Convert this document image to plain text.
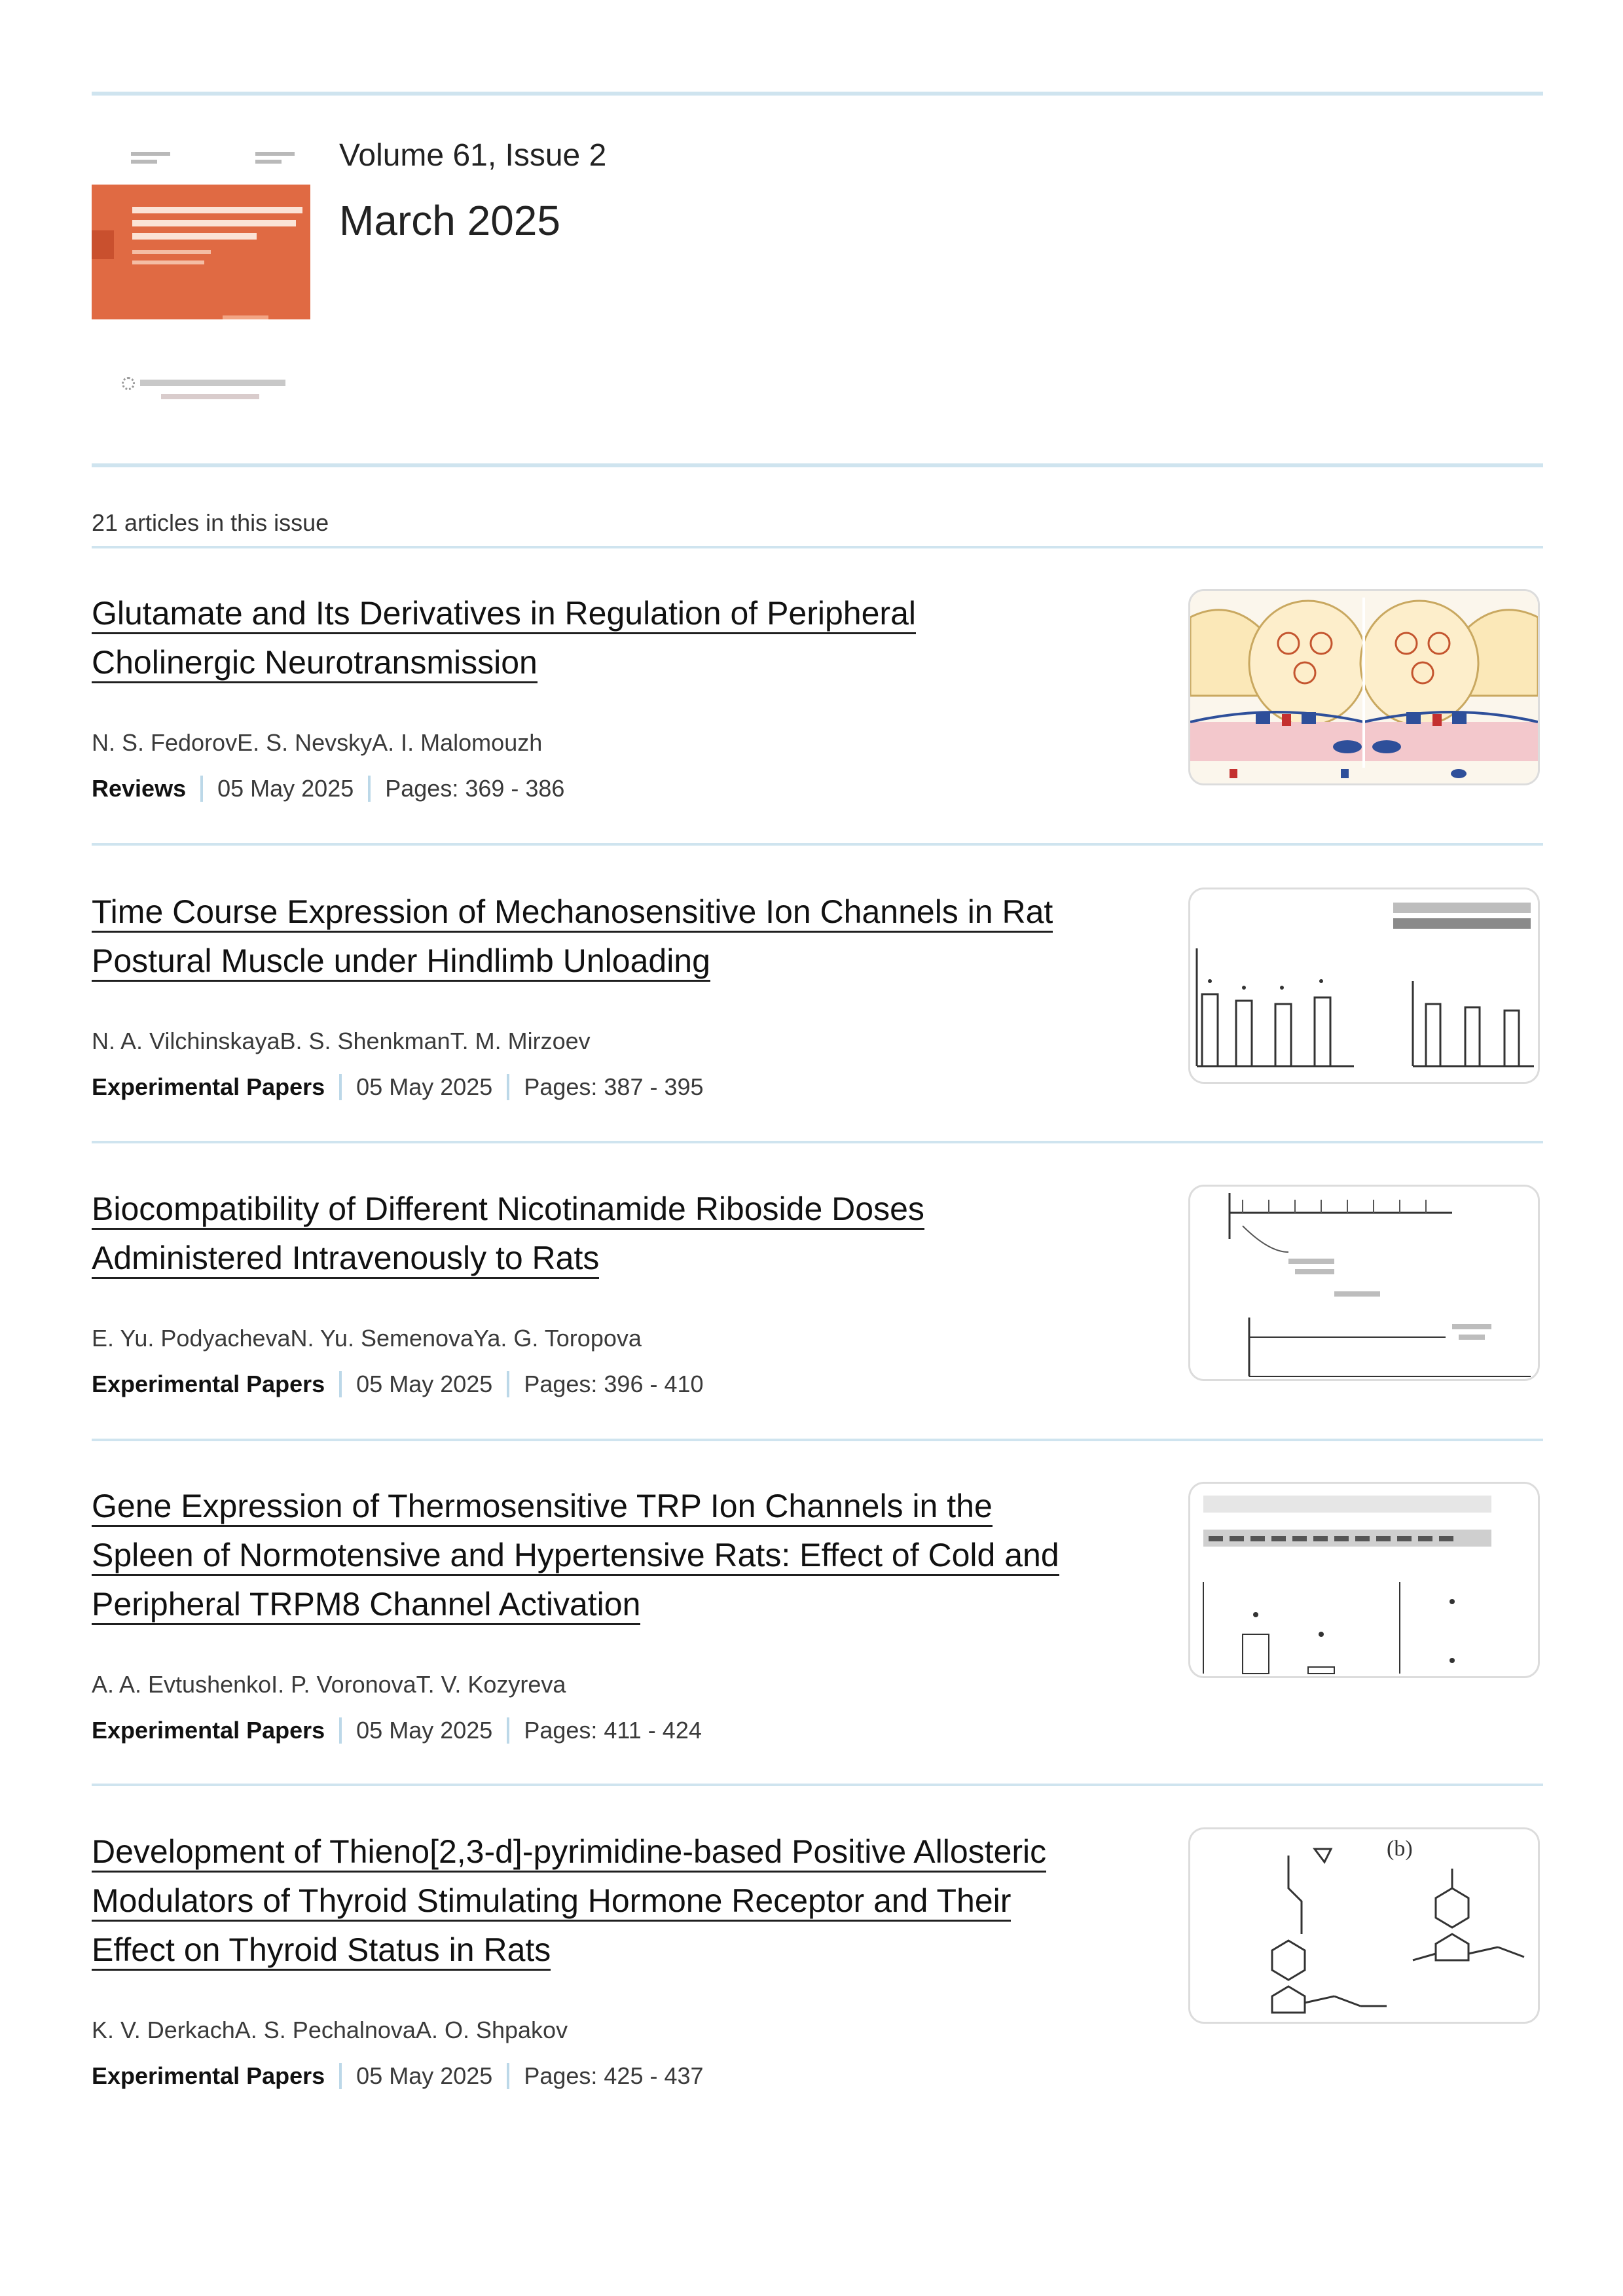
Volume 61, Issue 2
March 2025
21 articles in this issue
Glutamate and Its Derivatives in Regulation of Peripheral
Cholinergic Neurotransmission
N. S. FedorovE. S. NevskyA. I. Malomouzh
Reviews 05 May 2025 Pages: 369 - 386
Time Course Expression of Mechanosensitive Ion Channels in Rat
Postural Muscle under Hindlimb Unloading
N. A. VilchinskayaB. S. ShenkmanT. M. Mirzoev
Experimental Papers 05 May 2025 Pages: 387 - 395
Biocompatibility of Different Nicotinamide Riboside Doses
Administered Intravenously to Rats
E. Yu. PodyachevaN. Yu. SemenovaYa. G. Toropova
Experimental Papers 05 May 2025 Pages: 396 - 410
Gene Expression of Thermosensitive TRP Ion Channels in the
Spleen of Normotensive and Hypertensive Rats: Effect of Cold and
Peripheral TRPM8 Channel Activation
A. A. EvtushenkoI. P. VoronovaT. V. Kozyreva
Experimental Papers 05 May 2025 Pages: 411 - 424
Development of Thieno[2,3-d]-pyrimidine-based Positive Allosteric
Modulators of Thyroid Stimulating Hormone Receptor and Their
Effect on Thyroid Status in Rats
K. V. DerkachA. S. PechalnovaA. O. Shpakov
Experimental Papers 05 May 2025 Pages: 425 - 437
(b)
